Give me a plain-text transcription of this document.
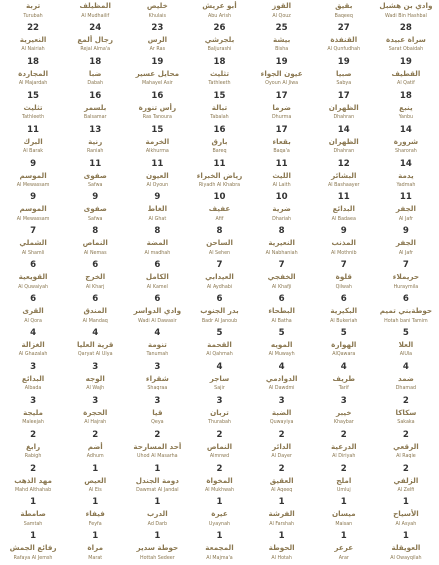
تربة	المظيلف	خليص	أبو عريش	القوز	بقيق	وادي بن هشبل
Turubah	Al Mudhailif	Khulais	Abu Arish	Al Qouz	Baqeeq	Wadi Bin Hashbal
22	24	23	26	25	27	28
النعيرية	رجال ألمع	الرس	بلجرشي	بيشة	القنفذة	سراة عبيدة
Al Nairiah	Rejal Alma'a	Ar Ras	Baljurashi	Bisha	Al Qunfudhah	Sarat Obaidah
18	18	19	18	19	19	19
المجاردة	ضبا	محايل عسير	تثليث	عيون الجواء	صبيا	القطيف
Al Majardah	Dabah	Mahayel Asir	Tathleeth	Oyoun Al Jiwa	Sabya	Al Qatif
15	16	16	15	17	17	18
تثليث	بلسمر	رأس تنورة	تبالة	ضرما	الظهران	ينبع
Tathleeth	Balsamar	Ras Tanoura	Tabalah	Dhurma	Dhahran	Yanbu
11	13	15	16	17	14	14
البرك	رنية	الخرمة	بارق	بقعاء	الظهران	شرورة
Al Barak	Raniah	Alkhurma	Bareq	Baqa'a	Dhahran	Sharorah
9	11	11	11	11	12	14
الموسم	صفوى	العيون	رياض الخبراء	الليث	البشائر	يدمة
Al Mewassam	Safwa	Al Oyoun	Riyadh Al Khabra	Al Laith	Al Bashaayer	Yadmah
9	9	9	10	10	11	11
الموسم	صفوى	الغاط	عفيف	ضرية	البدائع	الجفر
Al Mewassam	Safwa	Al Ghat	Afif	Dhariah	Al Badaea	Al Jafr
7	8	8	8	8	9	9
الشملي	النماص	المضة	الساحن	النعيرية	المذنب	الجفر
Al Shamli	Al Nemas	Al madhah	Al Sehen	Al Nabhaniah	Al Mothnib	Al Jafr
6	6	6	7	7	7	7
القويعية	الخرج	الكامل	العيدابي	الخفجي	قلوة	حريملاء
Al Quwaiyah	Al Kharj	Al Kamel	Al Aydhabi	Al Khafji	Qilwah	Huraymila
6	6	6	6	6	6	6
القرى	المندق	وادي الدواسر	بدر الجنوب	البطحاء	البكيرية	حوطةبني تميم
Al Qora	Al Mandaq	Wadi Al Dawasir	Badr Al Janoub	Al Batha	Al Bukeriah	Hotah bani Tamim
4	4	4	5	5	5	5
الغزالة	قرية العليا	تنومة	القحمة	المويه	الهوارة	العلا
Al Ghazalah	Qaryat Al Ulya	Tanumah	Al Qahmah	Al Muwayh	AlQawara	AlUla
3	3	3	4	4	4	4
البدائع	الوجه	شقراء	ساجر	الدوادمي	طريف	ضمد
Albada	Al Wajh	Shaqraa	Sajir	Al Dawdmi	Tarif	Dhamad
3	3	3	3	3	3	2
مليجة	الحجرة	قيا	تربان	الضبة	خيبر	سكاكا
Maleejah	Al Hajrah	Qeya	Thurabah	Quwayiya	Khaybar	Sakaka
2	2	2	2	2	2	2
رابغ	أضم	أحد المسارحة	النماص	الدائر	الدرعية	الرقعي
Rabigh	Adhum	Uhod Al Masarha	Almnwd	Al Dayer	Al Diriyah	Al Raqie
2	1	1	2	2	2	2
مهد الذهب	العيص	دومة الجندل	المخواة	العقيق	املج	الزلفي
Mahd Althahab	Al Eis	Dawmat Al Jandal	Al Mukhwah	Al Aqeeq	Umluj	Al Zelfi
1	1	1	1	1	1	1
صامطة	فيفاء	الدرب	عيرة	الفرشة	ميسان	الأسياح
Samtah	Feyfa	Ad Darb	Uyaynah	Al Farshah	Maisan	Al Asyah
1	1	1	1	1	1	1
رفائع الجمش	مراة	حوطة سدير	المجمعة	الحوطة	عرعر	العويقلة
Rafaya Al Jemsh	Marat	Hottah Sedeer	Al Majma'a	Al Hotah	Arar	Al Owayqilah
